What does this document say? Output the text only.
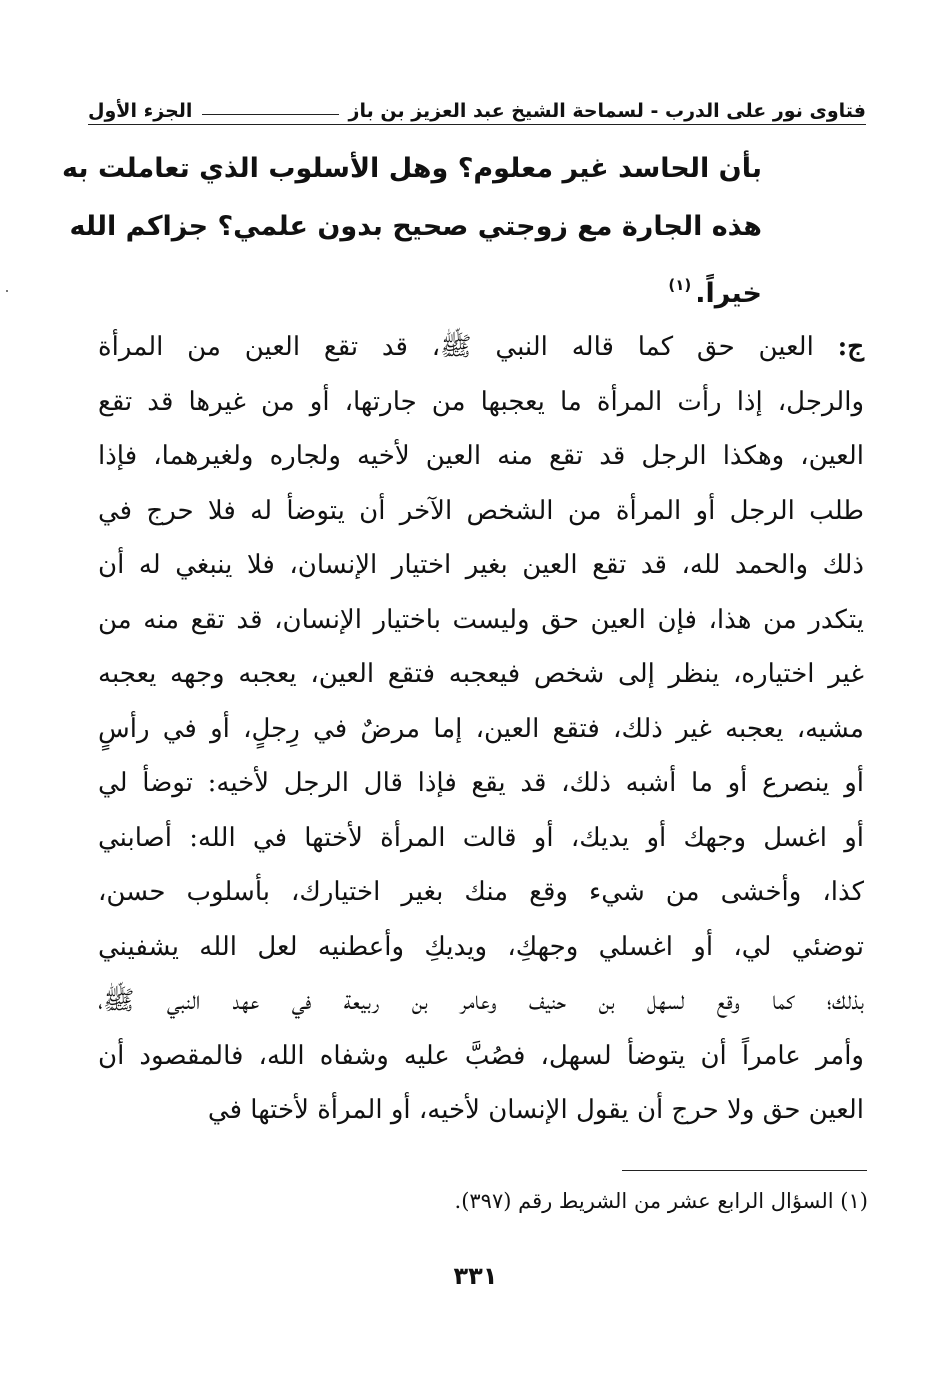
فتاوى نور على الدرب - لسماحة الشيخ عبد العزيز بن باز
الجزء الأول
بأن الحاسد غير معلوم؟ وهل الأسلوب الذي تعاملت به
هذه الجارة مع زوجتي صحيح بدون علمي؟ جزاكم الله
خيراً.$^{(١)}$
ج: العين حق كما قاله النبي ﷺ، قد تقع العين من المرأة
والرجل، إذا رأت المرأة ما يعجبها من جارتها، أو من غيرها قد تقع
العين، وهكذا الرجل قد تقع منه العين لأخيه ولجاره ولغيرهما، فإذا
طلب الرجل أو المرأة من الشخص الآخر أن يتوضأ له فلا حرج في
ذلك والحمد لله، قد تقع العين بغير اختيار الإنسان، فلا ينبغي له أن
يتكدر من هذا، فإن العين حق وليست باختيار الإنسان، قد تقع منه من
غير اختياره، ينظر إلى شخص فيعجبه فتقع العين، يعجبه وجهه يعجبه
مشيه، يعجبه غير ذلك، فتقع العين، إما مرضٌ في رِجلٍ، أو في رأسٍ
أو ينصرع أو ما أشبه ذلك، قد يقع فإذا قال الرجل لأخيه: توضأ لي
أو اغسل وجهك أو يديك، أو قالت المرأة لأختها في الله: أصابني
كذا، وأخشى من شيء وقع منك بغير اختيارك، بأسلوب حسن،
توضئي لي، أو اغسلي وجهكِ، ويديكِ وأعطنيه لعل الله يشفيني
بذلك؛ كما وقع لسهل بن حنيف وعامر بن ربيعة في عهد النبي ﷺ،
وأمر عامراً أن يتوضأ لسهل، فصُبَّ عليه وشفاه الله، فالمقصود أن
العين حق ولا حرج أن يقول الإنسان لأخيه، أو المرأة لأختها في
(١) السؤال الرابع عشر من الشريط رقم (٣٩٧).
٣٣١
